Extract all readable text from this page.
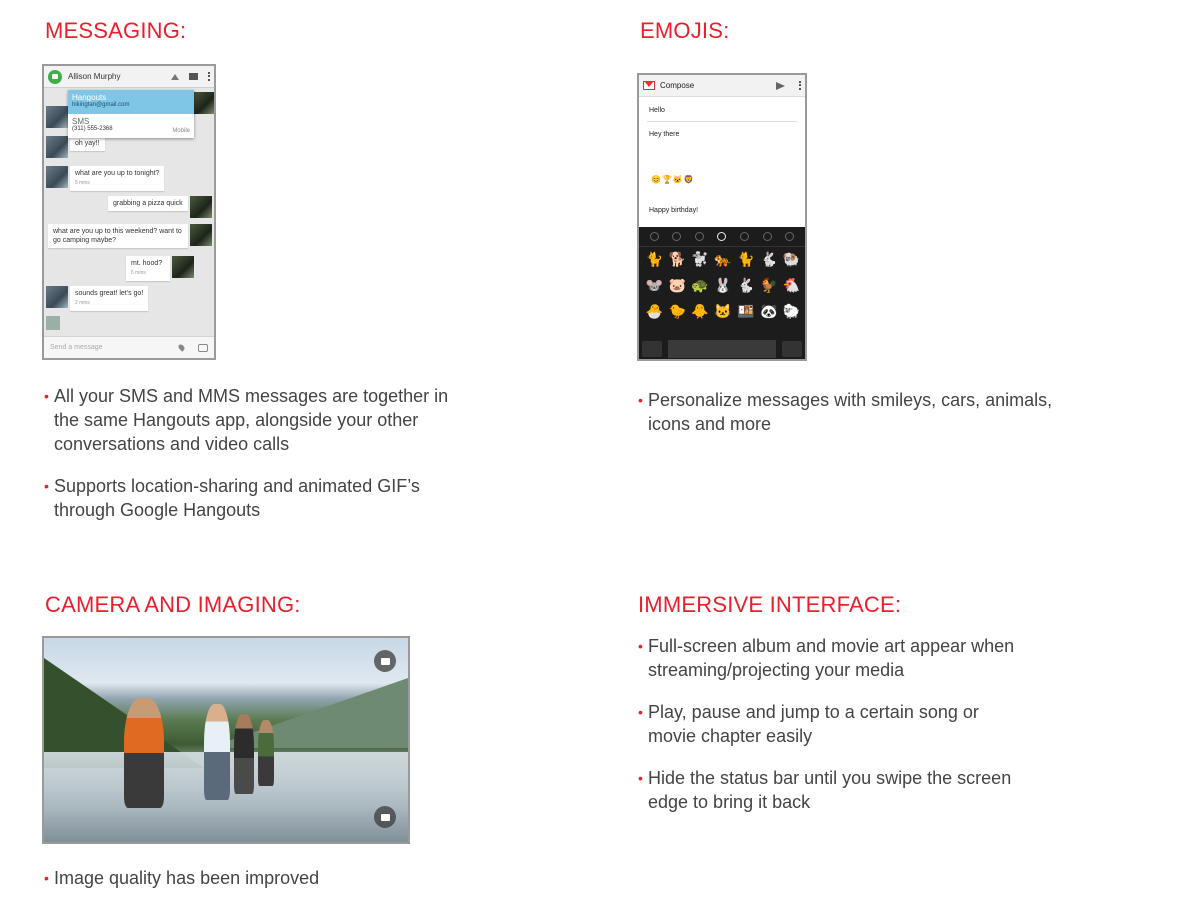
MESSAGING:
Allison Murphy
Hangouts
hikingfan@gmail.com
SMS
(311) 555-2368	Mobile
oh yay!!
what are you up to tonight?
5 mins
grabbing a pizza quick
what are you up to this weekend? want to go camping maybe?
mt. hood?
5 mins
sounds great! let's go!
2 mins
Send a message
• All your SMS and MMS messages are together in the same Hangouts app, alongside your other conversations and video calls
• Supports location-sharing and animated GIF’s through Google Hangouts
EMOJIS:
Compose
Hello
Hey there
😊🏆🐱🦁
Happy birthday!
🐈 🐕 🐩 🐅 🐈 🐇 🐏
🐭 🐷 🐢 🐰 🐇 🐓 🐔
🐣 🐤 🐥 🐱 🍱 🐼 🐑
• Personalize messages with smileys, cars, animals, icons and more
CAMERA AND IMAGING:
• Image quality has been improved
IMMERSIVE INTERFACE:
• Full-screen album and movie art appear when streaming/projecting your media
• Play, pause and jump to a certain song or movie chapter easily
• Hide the status bar until you swipe the screen edge to bring it back
